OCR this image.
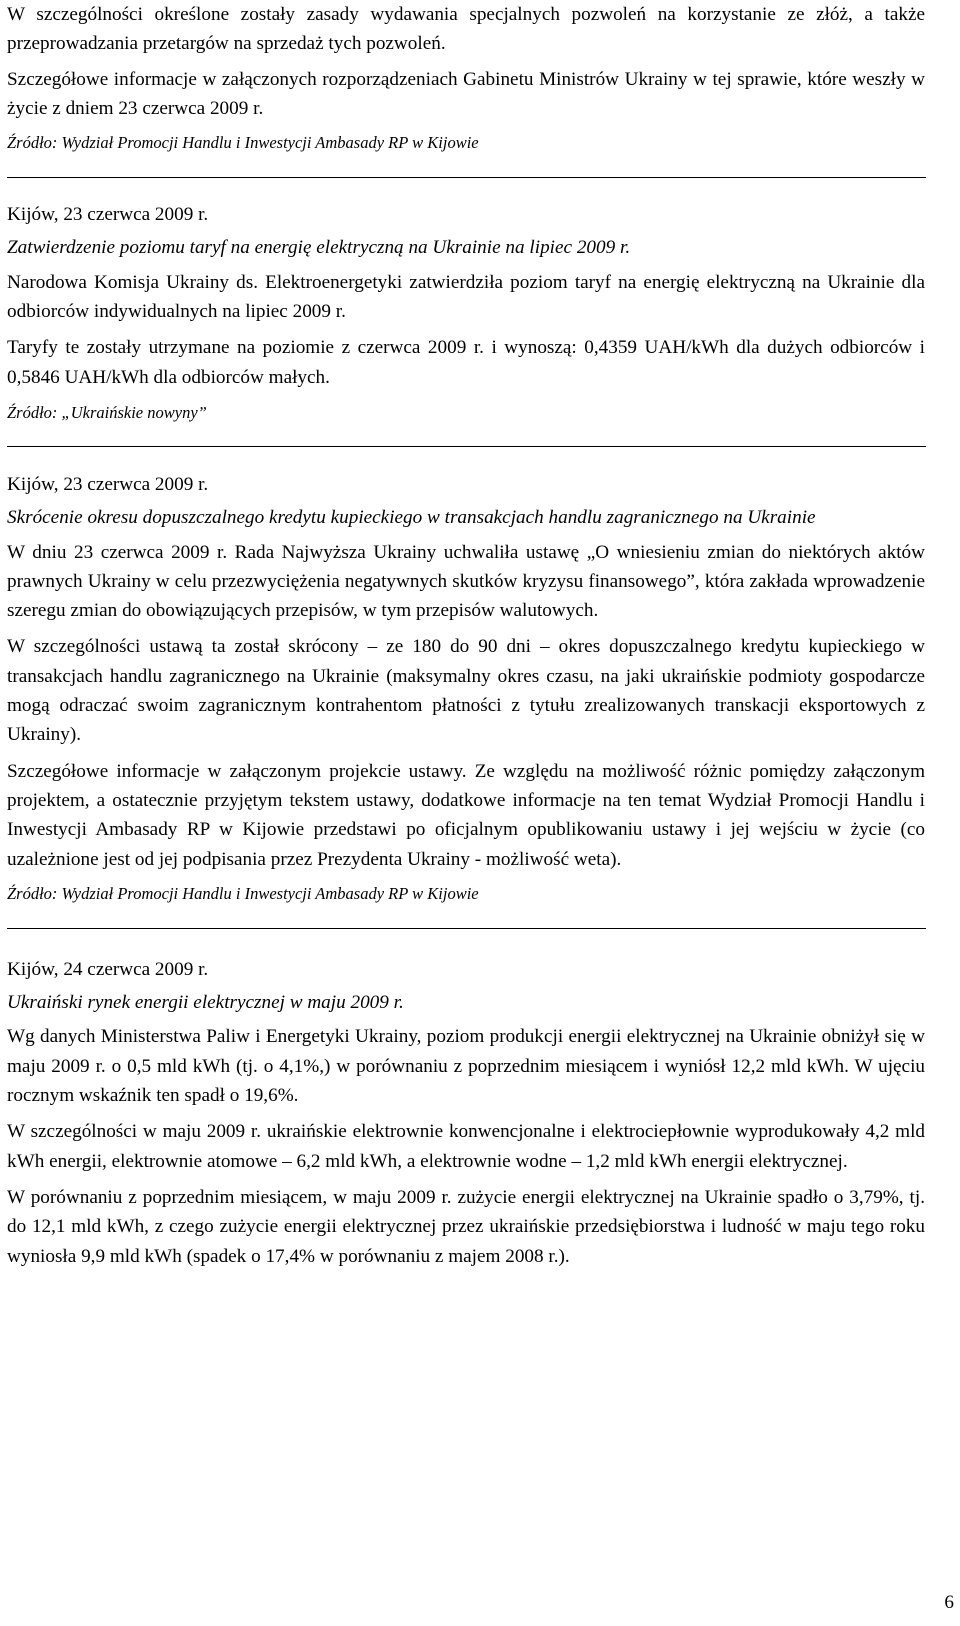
W szczególności określone zostały zasady wydawania specjalnych pozwoleń na korzystanie ze złóż, a także przeprowadzania przetargów na sprzedaż tych pozwoleń.

Szczegółowe informacje w załączonych rozporządzeniach Gabinetu Ministrów Ukrainy w tej sprawie, które weszły w życie z dniem 23 czerwca 2009 r.

Źródło: Wydział Promocji Handlu i Inwestycji Ambasady RP w Kijowie

Kijów, 23 czerwca 2009 r.

Zatwierdzenie poziomu taryf na energię elektryczną na Ukrainie na lipiec 2009 r.

Narodowa Komisja Ukrainy ds. Elektroenergetyki zatwierdziła poziom taryf na energię elektryczną na Ukrainie dla odbiorców indywidualnych na lipiec 2009 r.

Taryfy te zostały utrzymane na poziomie z czerwca 2009 r. i wynoszą: 0,4359 UAH/kWh dla dużych odbiorców i 0,5846 UAH/kWh dla odbiorców małych.

Źródło: „Ukraińskie nowyny”

Kijów, 23 czerwca 2009 r.

Skrócenie okresu dopuszczalnego kredytu kupieckiego w transakcjach handlu zagranicznego na Ukrainie

W dniu 23 czerwca 2009 r. Rada Najwyższa Ukrainy uchwaliła ustawę „O wniesieniu zmian do niektórych aktów prawnych Ukrainy w celu przezwyciężenia negatywnych skutków kryzysu finansowego”, która zakłada wprowadzenie szeregu zmian do obowiązujących przepisów, w tym przepisów walutowych.

W szczególności ustawą ta został skrócony – ze 180 do 90 dni – okres dopuszczalnego kredytu kupieckiego w transakcjach handlu zagranicznego na Ukrainie (maksymalny okres czasu, na jaki ukraińskie podmioty gospodarcze mogą odraczać swoim zagranicznym kontrahentom płatności z tytułu zrealizowanych transkacji eksportowych z Ukrainy).

Szczegółowe informacje w załączonym projekcie ustawy. Ze względu na możliwość różnic pomiędzy załączonym projektem, a ostatecznie przyjętym tekstem ustawy, dodatkowe informacje na ten temat Wydział Promocji Handlu i Inwestycji Ambasady RP w Kijowie przedstawi po oficjalnym opublikowaniu ustawy i jej wejściu w życie (co uzależnione jest od jej podpisania przez Prezydenta Ukrainy - możliwość weta).

Źródło: Wydział Promocji Handlu i Inwestycji Ambasady RP w Kijowie

Kijów, 24 czerwca 2009 r.

Ukraiński rynek energii elektrycznej w maju 2009 r.

Wg danych Ministerstwa Paliw i Energetyki Ukrainy, poziom produkcji energii elektrycznej na Ukrainie obniżył się w maju 2009 r. o 0,5 mld kWh (tj. o 4,1%,) w porównaniu z poprzednim miesiącem i wyniósł 12,2 mld kWh. W ujęciu rocznym wskaźnik ten spadł o 19,6%.

W szczególności w maju 2009 r. ukraińskie elektrownie konwencjonalne i elektrociepłownie wyprodukowały 4,2 mld kWh energii, elektrownie atomowe – 6,2 mld kWh, a elektrownie wodne – 1,2 mld kWh energii elektrycznej.

W porównaniu z poprzednim miesiącem, w maju 2009 r. zużycie energii elektrycznej na Ukrainie spadło o 3,79%, tj. do 12,1 mld kWh, z czego zużycie energii elektrycznej przez ukraińskie przedsiębiorstwa i ludność w maju tego roku wyniosła 9,9 mld kWh (spadek o 17,4% w porównaniu z majem 2008 r.).

6
